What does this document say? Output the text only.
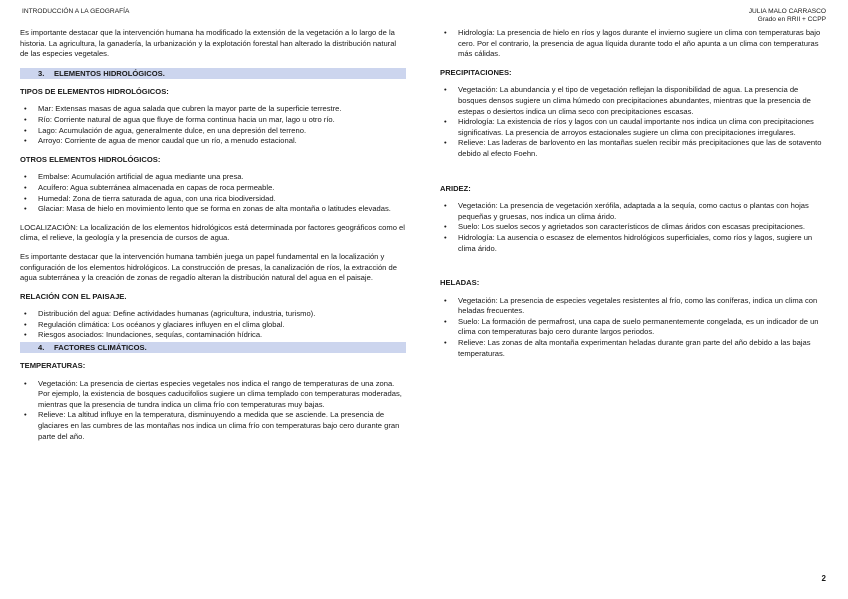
INTRODUCCIÓN A LA GEOGRAFÍA	JULIA MALO CARRASCO
Grado en RRII + CCPP

Es importante destacar que la intervención humana ha modificado la extensión de la vegetación a lo largo de la historia. La agricultura, la ganadería, la urbanización y la explotación forestal han alterado la distribución natural de las especies vegetales.

3. ELEMENTOS HIDROLÓGICOS.
TIPOS DE ELEMENTOS HIDROLÓGICOS:
• Mar: Extensas masas de agua salada que cubren la mayor parte de la superficie terrestre.
• Río: Corriente natural de agua que fluye de forma continua hacia un mar, lago u otro río.
• Lago: Acumulación de agua, generalmente dulce, en una depresión del terreno.
• Arroyo: Corriente de agua de menor caudal que un río, a menudo estacional.
OTROS ELEMENTOS HIDROLÓGICOS:
• Embalse: Acumulación artificial de agua mediante una presa.
• Acuífero: Agua subterránea almacenada en capas de roca permeable.
• Humedal: Zona de tierra saturada de agua, con una rica biodiversidad.
• Glaciar: Masa de hielo en movimiento lento que se forma en zonas de alta montaña o latitudes elevadas.

LOCALIZACIÓN: La localización de los elementos hidrológicos está determinada por factores geográficos como el clima, el relieve, la geología y la presencia de cursos de agua.

Es importante destacar que la intervención humana también juega un papel fundamental en la localización y configuración de los elementos hidrológicos. La construcción de presas, la canalización de ríos, la extracción de agua subterránea y la creación de zonas de regadío alteran la distribución natural del agua en el paisaje.

RELACIÓN CON EL PAISAJE.
• Distribución del agua: Define actividades humanas (agricultura, industria, turismo).
• Regulación climática: Los océanos y glaciares influyen en el clima global.
• Riesgos asociados: Inundaciones, sequías, contaminación hídrica.
4. FACTORES CLIMÁTICOS.
TEMPERATURAS:
• Vegetación: La presencia de ciertas especies vegetales nos indica el rango de temperaturas de una zona. Por ejemplo, la existencia de bosques caducifolios sugiere un clima templado con temperaturas moderadas, mientras que la presencia de tundra indica un clima frío con temperaturas muy bajas.
• Relieve: La altitud influye en la temperatura, disminuyendo a medida que se asciende. La presencia de glaciares en las cumbres de las montañas nos indica un clima frío con temperaturas bajo cero durante gran parte del año.
• Hidrología: La presencia de hielo en ríos y lagos durante el invierno sugiere un clima con temperaturas bajo cero. Por el contrario, la presencia de agua líquida durante todo el año apunta a un clima con temperaturas más cálidas.
PRECIPITACIONES:
• Vegetación: La abundancia y el tipo de vegetación reflejan la disponibilidad de agua. La presencia de bosques densos sugiere un clima húmedo con precipitaciones abundantes, mientras que la presencia de estepas o desiertos indica un clima seco con precipitaciones escasas.
• Hidrología: La existencia de ríos y lagos con un caudal importante nos indica un clima con precipitaciones significativas. La presencia de arroyos estacionales sugiere un clima con precipitaciones irregulares.
• Relieve: Las laderas de barlovento en las montañas suelen recibir más precipitaciones que las de sotavento debido al efecto Foehn.
ARIDEZ:
• Vegetación: La presencia de vegetación xerófila, adaptada a la sequía, como cactus o plantas con hojas pequeñas y gruesas, nos indica un clima árido.
• Suelo: Los suelos secos y agrietados son característicos de climas áridos con escasas precipitaciones.
• Hidrología: La ausencia o escasez de elementos hidrológicos superficiales, como ríos y lagos, sugiere un clima árido.
HELADAS:
• Vegetación: La presencia de especies vegetales resistentes al frío, como las coníferas, indica un clima con heladas frecuentes.
• Suelo: La formación de permafrost, una capa de suelo permanentemente congelada, es un indicador de un clima con temperaturas bajo cero durante largos periodos.
• Relieve: Las zonas de alta montaña experimentan heladas durante gran parte del año debido a las bajas temperaturas.
2
